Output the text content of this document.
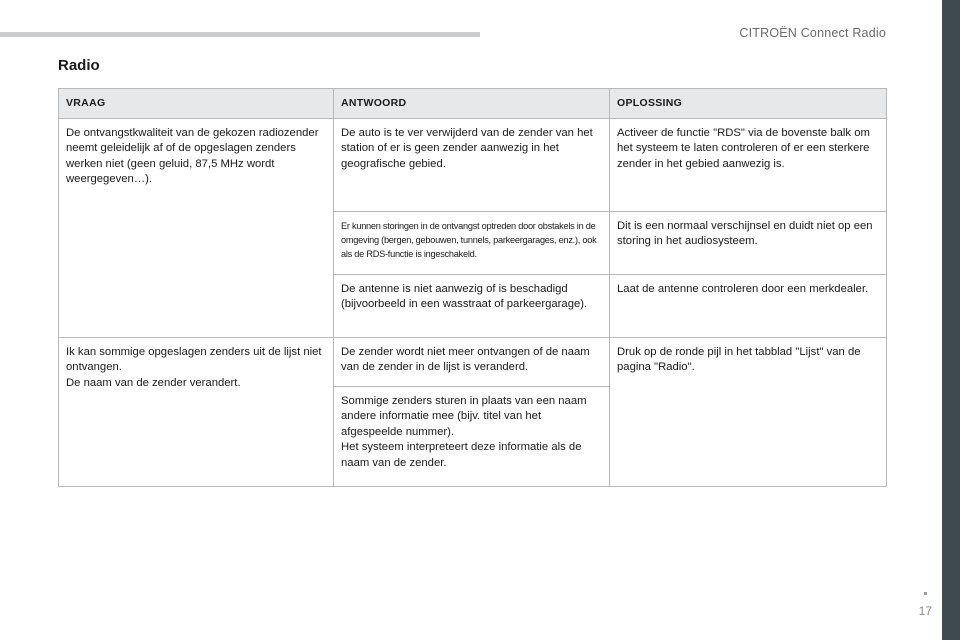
CITROËN Connect Radio
Radio
VRAAG	ANTWOORD	OPLOSSING

De ontvangstkwaliteit van de gekozen radiozender neemt geleidelijk af of de opgeslagen zenders werken niet (geen geluid, 87,5 MHz wordt weergegeven…).	De auto is te ver verwijderd van de zender van het station of er is geen zender aanwezig in het geografische gebied.	Activeer de functie "RDS" via de bovenste balk om het systeem te laten controleren of er een sterkere zender in het gebied aanwezig is.

	Er kunnen storingen in de ontvangst optreden door obstakels in de omgeving (bergen, gebouwen, tunnels, parkeergarages, enz.), ook als de RDS-functie is ingeschakeld.	Dit is een normaal verschijnsel en duidt niet op een storing in het audiosysteem.

	De antenne is niet aanwezig of is beschadigd (bijvoorbeeld in een wasstraat of parkeergarage).	Laat de antenne controleren door een merkdealer.

Ik kan sommige opgeslagen zenders uit de lijst niet ontvangen.
De naam van de zender verandert.	De zender wordt niet meer ontvangen of de naam van de zender in de lijst is veranderd.	Druk op de ronde pijl in het tabblad "Lijst" van de pagina "Radio".

	Sommige zenders sturen in plaats van een naam andere informatie mee (bijv. titel van het afgespeelde nummer).
Het systeem interpreteert deze informatie als de naam van de zender.	
17
